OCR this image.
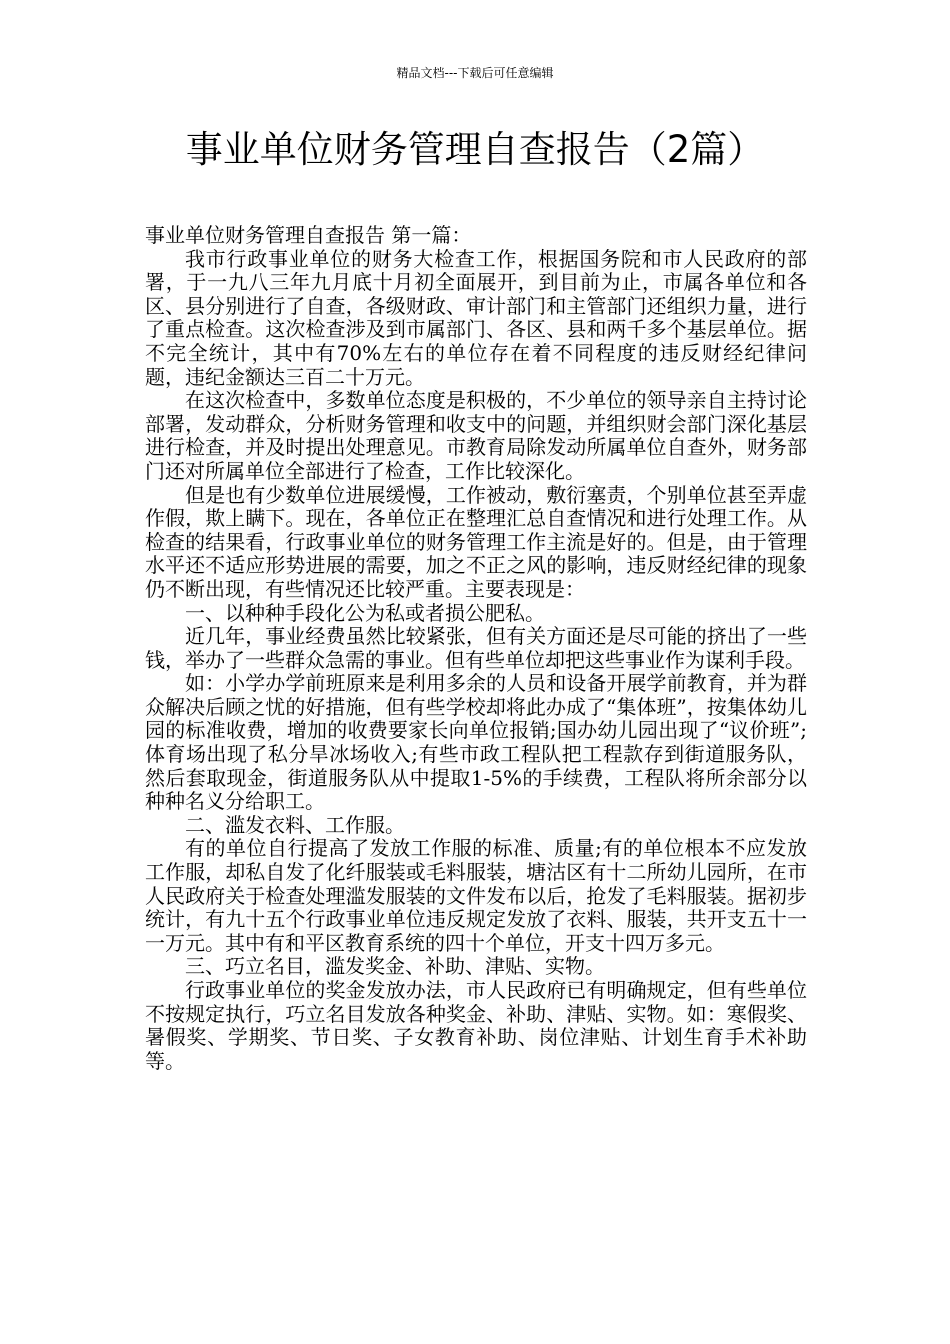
精品文档---下载后可任意编辑
事业单位财务管理自查报告（2篇）

事业单位财务管理自查报告 第一篇：

我市行政事业单位的财务大检查工作，根据国务院和市人民政府的部署，于一九八三年九月底十月初全面展开，到目前为止，市属各单位和各区、县分别进行了自查，各级财政、审计部门和主管部门还组织力量，进行了重点检查。这次检查涉及到市属部门、各区、县和两千多个基层单位。据不完全统计，其中有70%左右的单位存在着不同程度的违反财经纪律问题，违纪金额达三百二十万元。

在这次检查中，多数单位态度是积极的，不少单位的领导亲自主持讨论部署，发动群众，分析财务管理和收支中的问题，并组织财会部门深化基层进行检查，并及时提出处理意见。市教育局除发动所属单位自查外，财务部门还对所属单位全部进行了检查，工作比较深化。

但是也有少数单位进展缓慢，工作被动，敷衍塞责，个别单位甚至弄虚作假，欺上瞒下。现在，各单位正在整理汇总自查情况和进行处理工作。从检查的结果看，行政事业单位的财务管理工作主流是好的。但是，由于管理水平还不适应形势进展的需要，加之不正之风的影响，违反财经纪律的现象仍不断出现，有些情况还比较严重。主要表现是：

一、以种种手段化公为私或者损公肥私。

近几年，事业经费虽然比较紧张，但有关方面还是尽可能的挤出了一些钱，举办了一些群众急需的事业。但有些单位却把这些事业作为谋利手段。

如：小学办学前班原来是利用多余的人员和设备开展学前教育，并为群众解决后顾之忧的好措施，但有些学校却将此办成了“集体班”，按集体幼儿园的标准收费，增加的收费要家长向单位报销;国办幼儿园出现了“议价班”;体育场出现了私分旱冰场收入;有些市政工程队把工程款存到街道服务队，然后套取现金，街道服务队从中提取1-5%的手续费，工程队将所余部分以种种名义分给职工。

二、滥发衣料、工作服。

有的单位自行提高了发放工作服的标准、质量;有的单位根本不应发放工作服，却私自发了化纤服装或毛料服装，塘沽区有十二所幼儿园所，在市人民政府关于检查处理滥发服装的文件发布以后，抢发了毛料服装。据初步统计，有九十五个行政事业单位违反规定发放了衣料、服装，共开支五十一一万元。其中有和平区教育系统的四十个单位，开支十四万多元。

三、巧立名目，滥发奖金、补助、津贴、实物。

行政事业单位的奖金发放办法，市人民政府已有明确规定，但有些单位不按规定执行，巧立名目发放各种奖金、补助、津贴、实物。如：寒假奖、暑假奖、学期奖、节日奖、子女教育补助、岗位津贴、计划生育手术补助等。
